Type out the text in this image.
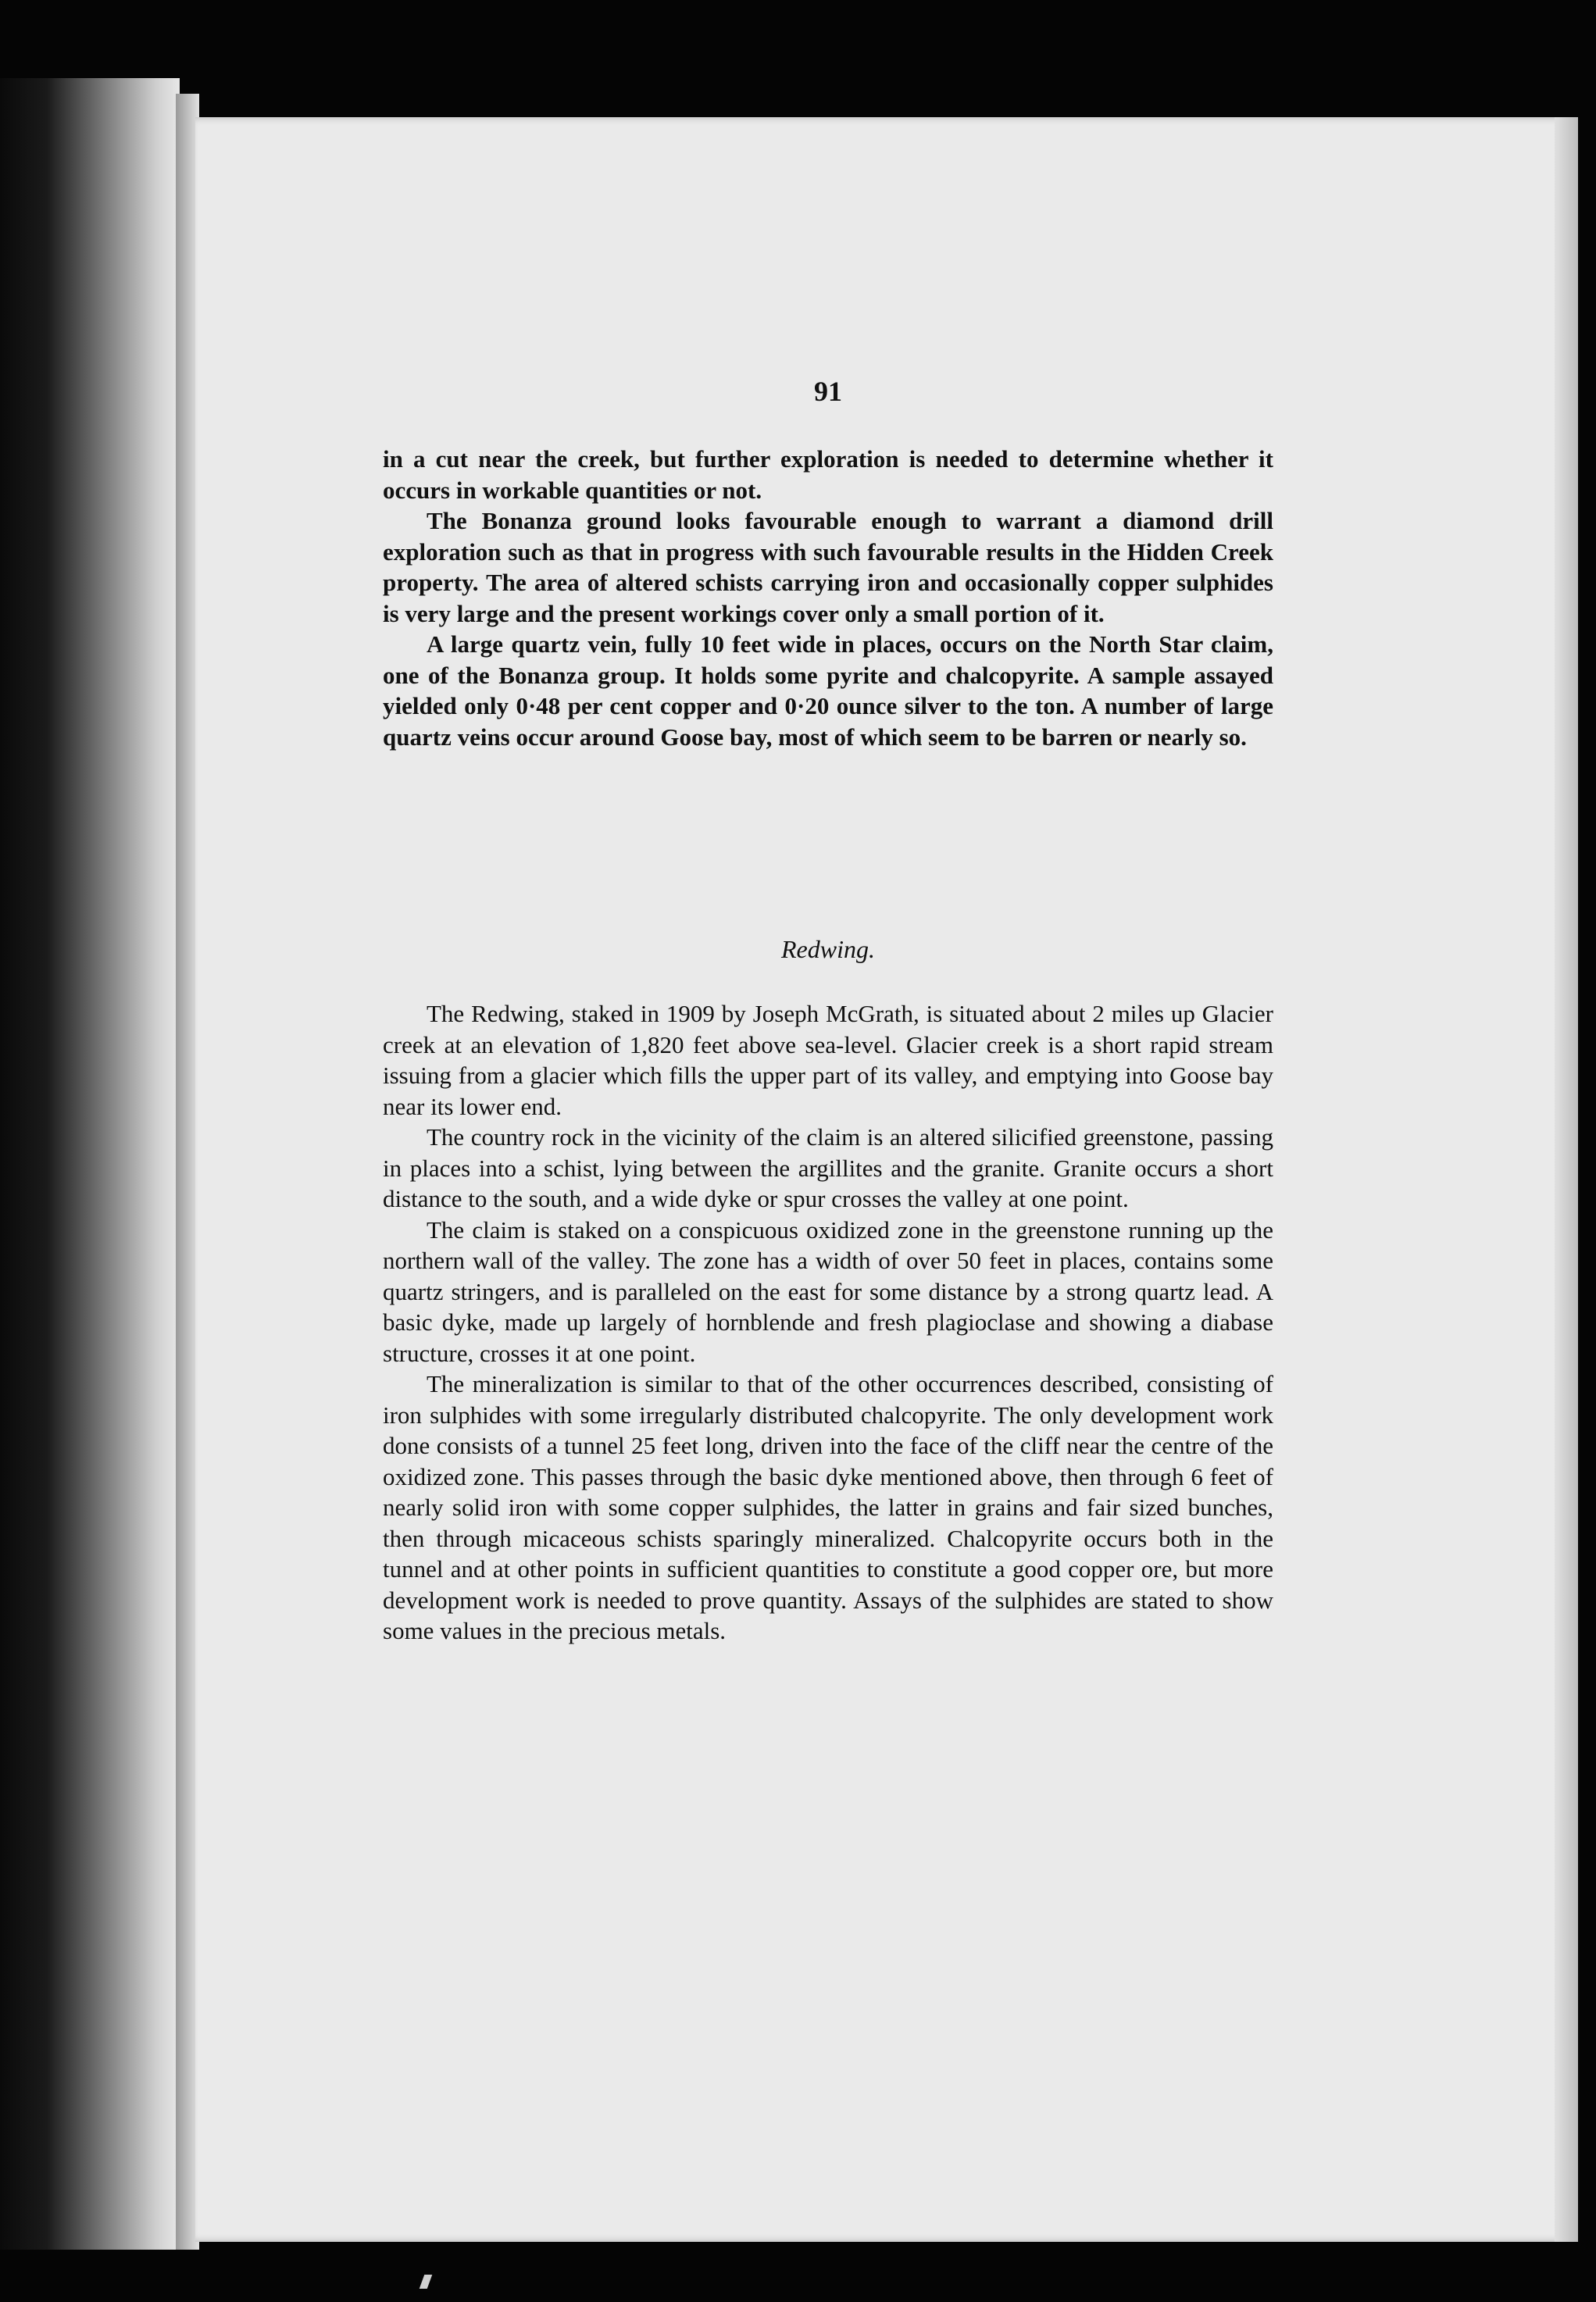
91

in a cut near the creek, but further exploration is needed to determine whether it occurs in workable quantities or not.

The Bonanza ground looks favourable enough to warrant a diamond drill exploration such as that in progress with such favourable results in the Hidden Creek property. The area of altered schists carrying iron and occasionally copper sulphides is very large and the present workings cover only a small portion of it.

A large quartz vein, fully 10 feet wide in places, occurs on the North Star claim, one of the Bonanza group. It holds some pyrite and chalcopyrite. A sample assayed yielded only 0·48 per cent copper and 0·20 ounce silver to the ton. A number of large quartz veins occur around Goose bay, most of which seem to be barren or nearly so.

Redwing.

The Redwing, staked in 1909 by Joseph McGrath, is situated about 2 miles up Glacier creek at an elevation of 1,820 feet above sea-level. Glacier creek is a short rapid stream issuing from a glacier which fills the upper part of its valley, and emptying into Goose bay near its lower end.

The country rock in the vicinity of the claim is an altered silicified greenstone, passing in places into a schist, lying between the argillites and the granite. Granite occurs a short distance to the south, and a wide dyke or spur crosses the valley at one point.

The claim is staked on a conspicuous oxidized zone in the greenstone running up the northern wall of the valley. The zone has a width of over 50 feet in places, contains some quartz stringers, and is paralleled on the east for some distance by a strong quartz lead. A basic dyke, made up largely of hornblende and fresh plagioclase and showing a diabase structure, crosses it at one point.

The mineralization is similar to that of the other occurrences described, consisting of iron sulphides with some irregularly distributed chalcopyrite. The only development work done consists of a tunnel 25 feet long, driven into the face of the cliff near the centre of the oxidized zone. This passes through the basic dyke mentioned above, then through 6 feet of nearly solid iron with some copper sulphides, the latter in grains and fair sized bunches, then through micaceous schists sparingly mineralized. Chalcopyrite occurs both in the tunnel and at other points in sufficient quantities to constitute a good copper ore, but more development work is needed to prove quantity. Assays of the sulphides are stated to show some values in the precious metals.
